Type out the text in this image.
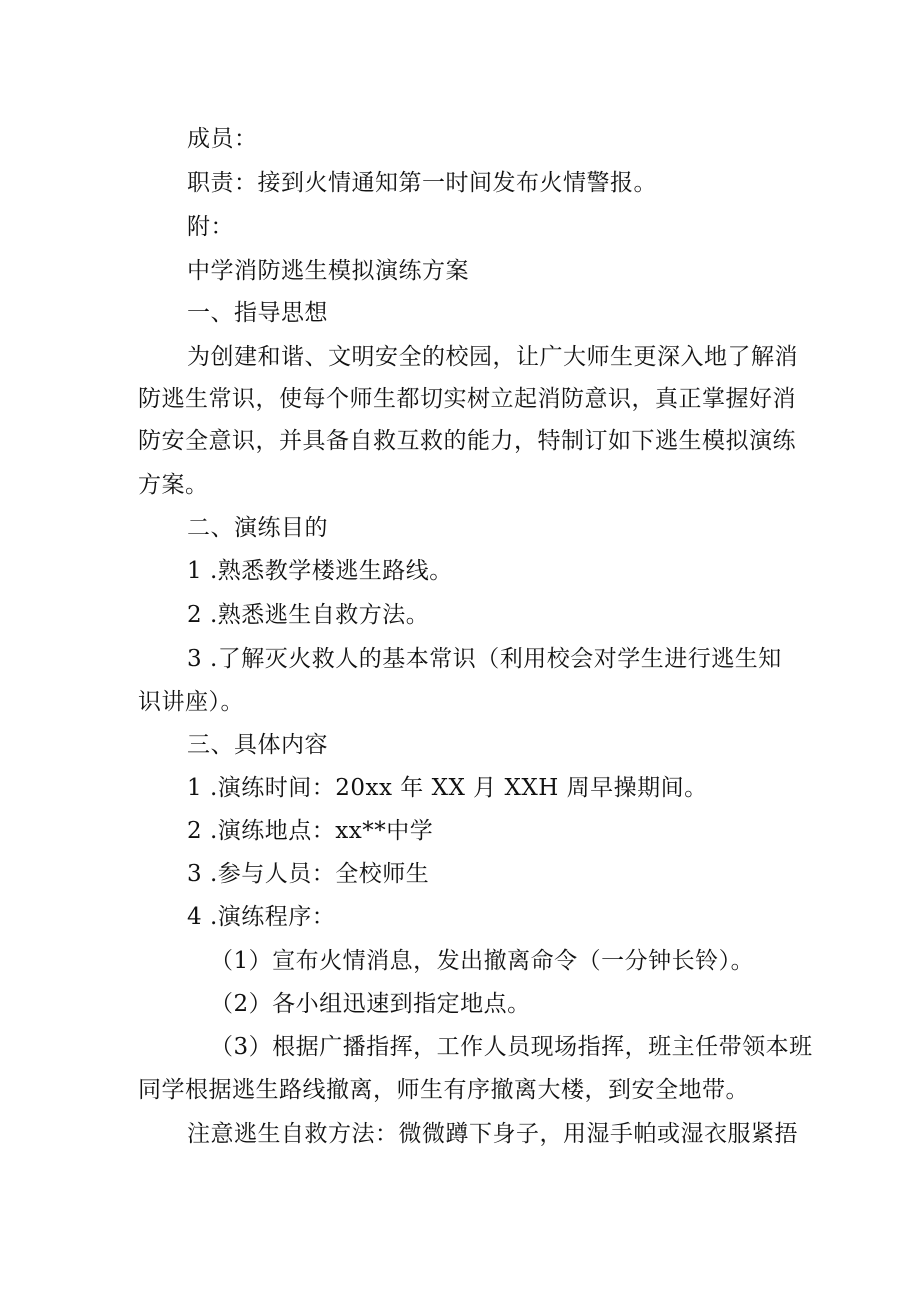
成员：
职责：接到火情通知第一时间发布火情警报。
附：
中学消防逃生模拟演练方案
一、指导思想
为创建和谐、文明安全的校园，让广大师生更深入地了解消
防逃生常识，使每个师生都切实树立起消防意识，真正掌握好消
防安全意识，并具备自救互救的能力，特制订如下逃生模拟演练
方案。
二、演练目的
1 .熟悉教学楼逃生路线。
2 .熟悉逃生自救方法。
3 .了解灭火救人的基本常识（利用校会对学生进行逃生知
识讲座）。
三、具体内容
1 .演练时间：20xx 年 XX 月 XXH 周早操期间。
2 .演练地点：xx**中学
3 .参与人员：全校师生
4 .演练程序：
（1）宣布火情消息，发出撤离命令（一分钟长铃）。
（2）各小组迅速到指定地点。
（3）根据广播指挥，工作人员现场指挥，班主任带领本班
同学根据逃生路线撤离，师生有序撤离大楼，到安全地带。
注意逃生自救方法：微微蹲下身子，用湿手帕或湿衣服紧捂
